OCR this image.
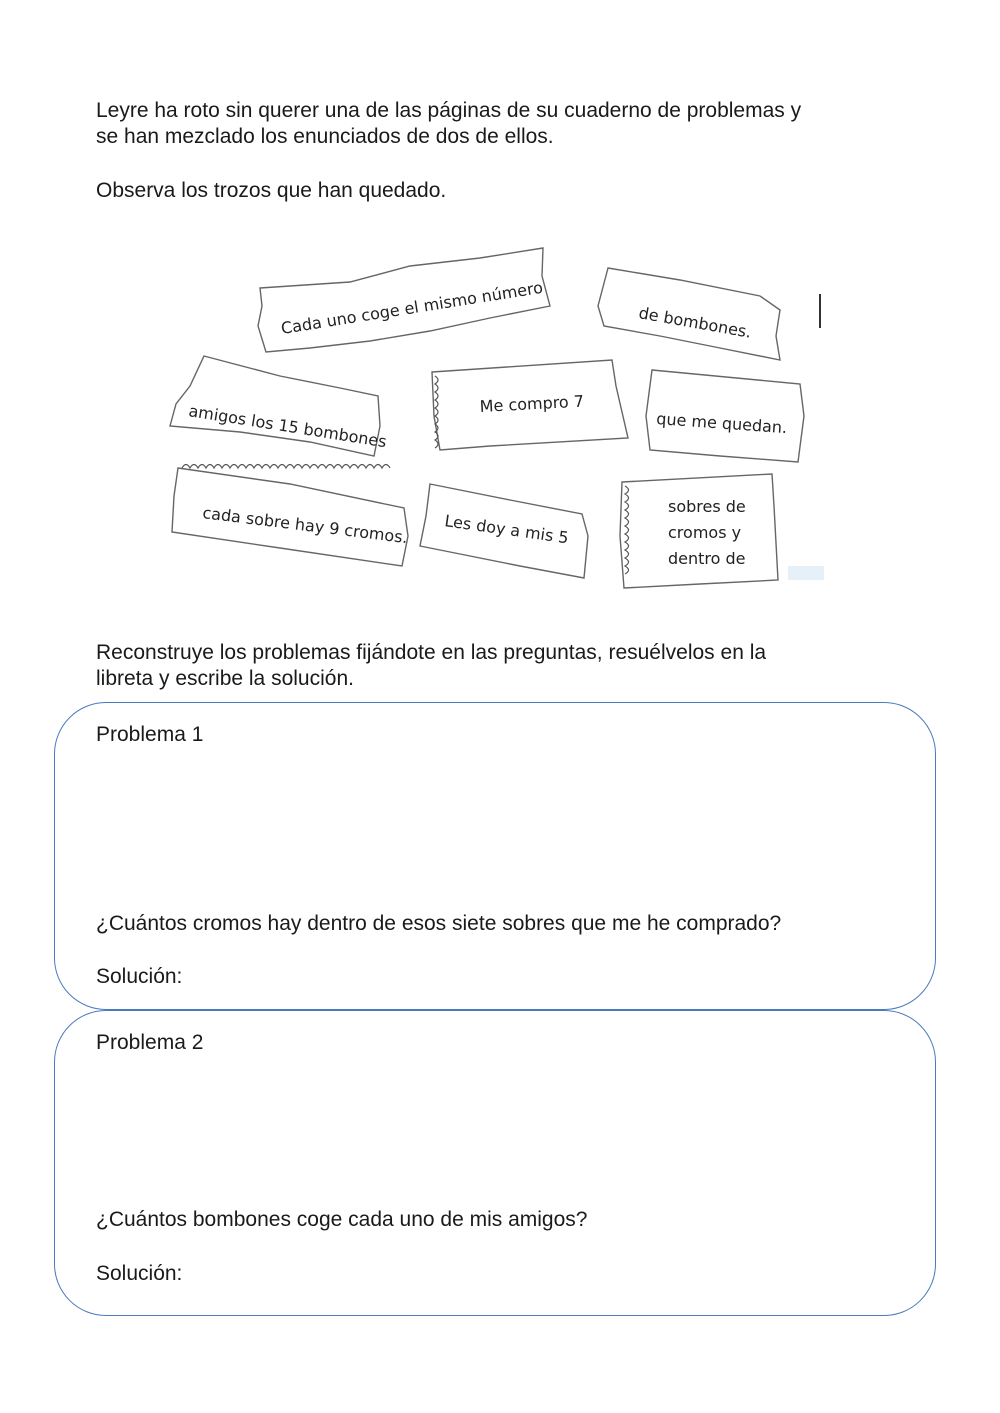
Leyre ha roto sin querer una de las páginas de su cuaderno de problemas y
se han mezclado los enunciados de dos de ellos.
Observa los trozos que han quedado.
Cada uno coge el mismo número	de bombones.
amigos los 15 bombones	Me compro 7
que me quedan.
cada sobre hay 9 cromos. Les doy a mis 5
sobres de
cromos y
dentro de
Reconstruye los problemas fijándote en las preguntas, resuélvelos en la
libreta y escribe la solución.
Problema 1
¿Cuántos cromos hay dentro de esos siete sobres que me he comprado?
Solución:
Problema 2
¿Cuántos bombones coge cada uno de mis amigos?
Solución:
